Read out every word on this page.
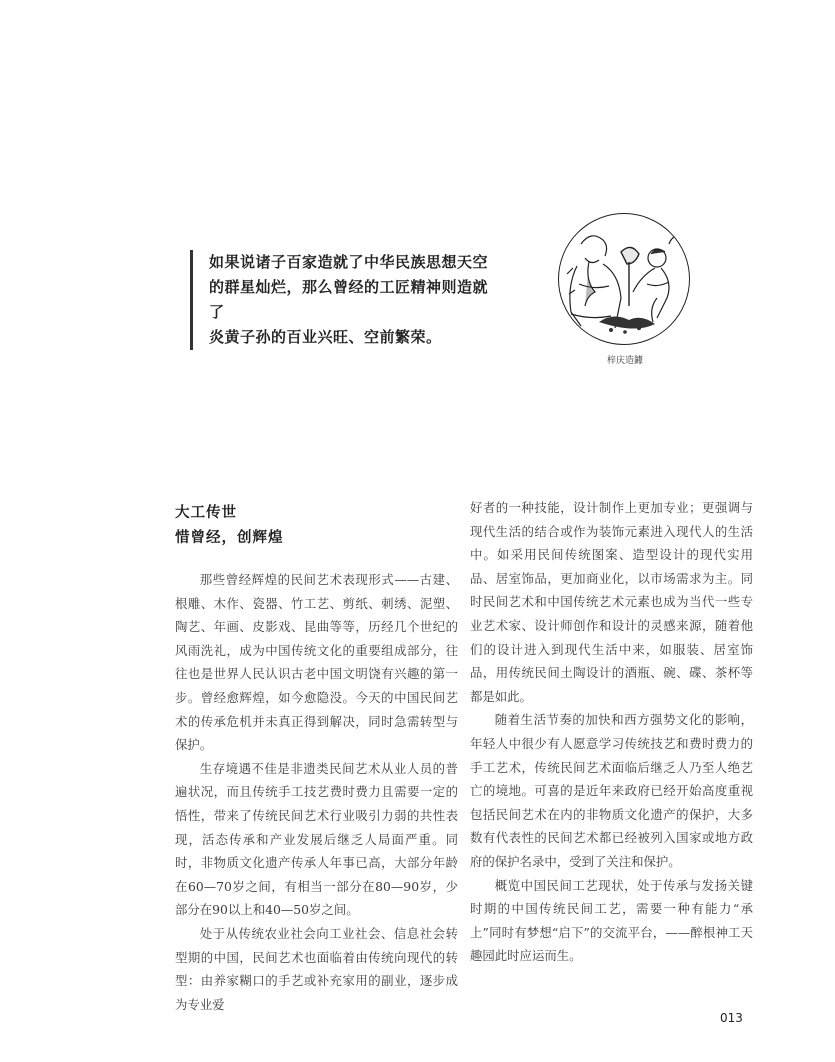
如果说诸子百家造就了中华民族思想天空

的群星灿烂，那么曾经的工匠精神则造就了

炎黄子孙的百业兴旺、空前繁荣。

梓庆造鐻
大工传世
惜曾经，创辉煌

那些曾经辉煌的民间艺术表现形式——古建、根雕、木作、瓷器、竹工艺、剪纸、刺绣、泥塑、陶艺、年画、皮影戏、昆曲等等，历经几个世纪的风雨洗礼，成为中国传统文化的重要组成部分，往往也是世界人民认识古老中国文明饶有兴趣的第一步。曾经愈辉煌，如今愈隐没。今天的中国民间艺术的传承危机并未真正得到解决，同时急需转型与保护。

生存境遇不佳是非遗类民间艺术从业人员的普遍状况，而且传统手工技艺费时费力且需要一定的悟性，带来了传统民间艺术行业吸引力弱的共性表现，活态传承和产业发展后继乏人局面严重。同时，非物质文化遗产传承人年事已高，大部分年龄在60—70岁之间，有相当一部分在80—90岁，少部分在90以上和40—50岁之间。

处于从传统农业社会向工业社会、信息社会转型期的中国，民间艺术也面临着由传统向现代的转型：由养家糊口的手艺或补充家用的副业，逐步成为专业爱

好者的一种技能，设计制作上更加专业；更强调与现代生活的结合或作为装饰元素进入现代人的生活中。如采用民间传统图案、造型设计的现代实用品、居室饰品，更加商业化，以市场需求为主。同时民间艺术和中国传统艺术元素也成为当代一些专业艺术家、设计师创作和设计的灵感来源，随着他们的设计进入到现代生活中来，如服装、居室饰品，用传统民间土陶设计的酒瓶、碗、碟、茶杯等都是如此。

随着生活节奏的加快和西方强势文化的影响，年轻人中很少有人愿意学习传统技艺和费时费力的手工艺术，传统民间艺术面临后继乏人乃至人绝艺亡的境地。可喜的是近年来政府已经开始高度重视包括民间艺术在内的非物质文化遗产的保护，大多数有代表性的民间艺术都已经被列入国家或地方政府的保护名录中，受到了关注和保护。

概览中国民间工艺现状，处于传承与发扬关键时期的中国传统民间工艺，需要一种有能力“承上”同时有梦想“启下”的交流平台，——醉根神工天趣园此时应运而生。

013
